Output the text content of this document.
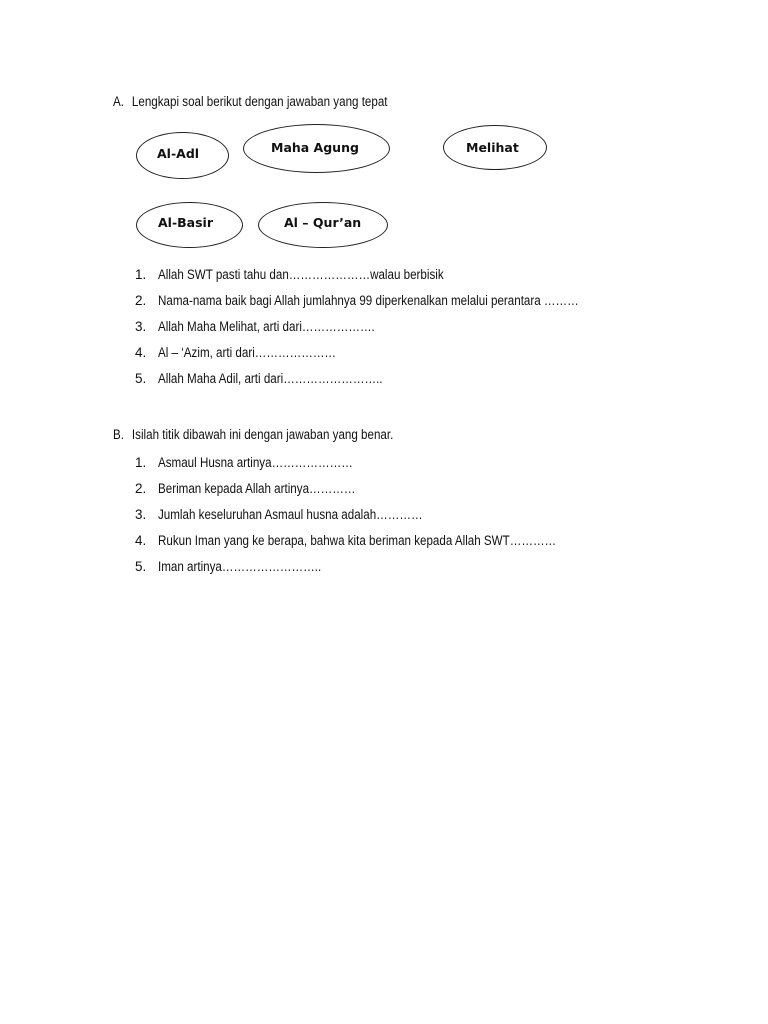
A. Lengkapi soal berikut dengan jawaban yang tepat
Al-Adl	Maha Agung	Melihat
Al-Basir	Al – Qur’an
1. Allah SWT pasti tahu dan…………………walau berbisik
2. Nama-nama baik bagi Allah jumlahnya 99 diperkenalkan melalui perantara ………
3. Allah Maha Melihat, arti dari……………….
4. Al – ‘Azim, arti dari…………………
5. Allah Maha Adil, arti dari……………………..
B. Isilah titik dibawah ini dengan jawaban yang benar.
1. Asmaul Husna artinya…………………
2. Beriman kepada Allah artinya…………
3. Jumlah keseluruhan Asmaul husna adalah…………
4. Rukun Iman yang ke berapa, bahwa kita beriman kepada Allah SWT…………
5. Iman artinya……………………..
